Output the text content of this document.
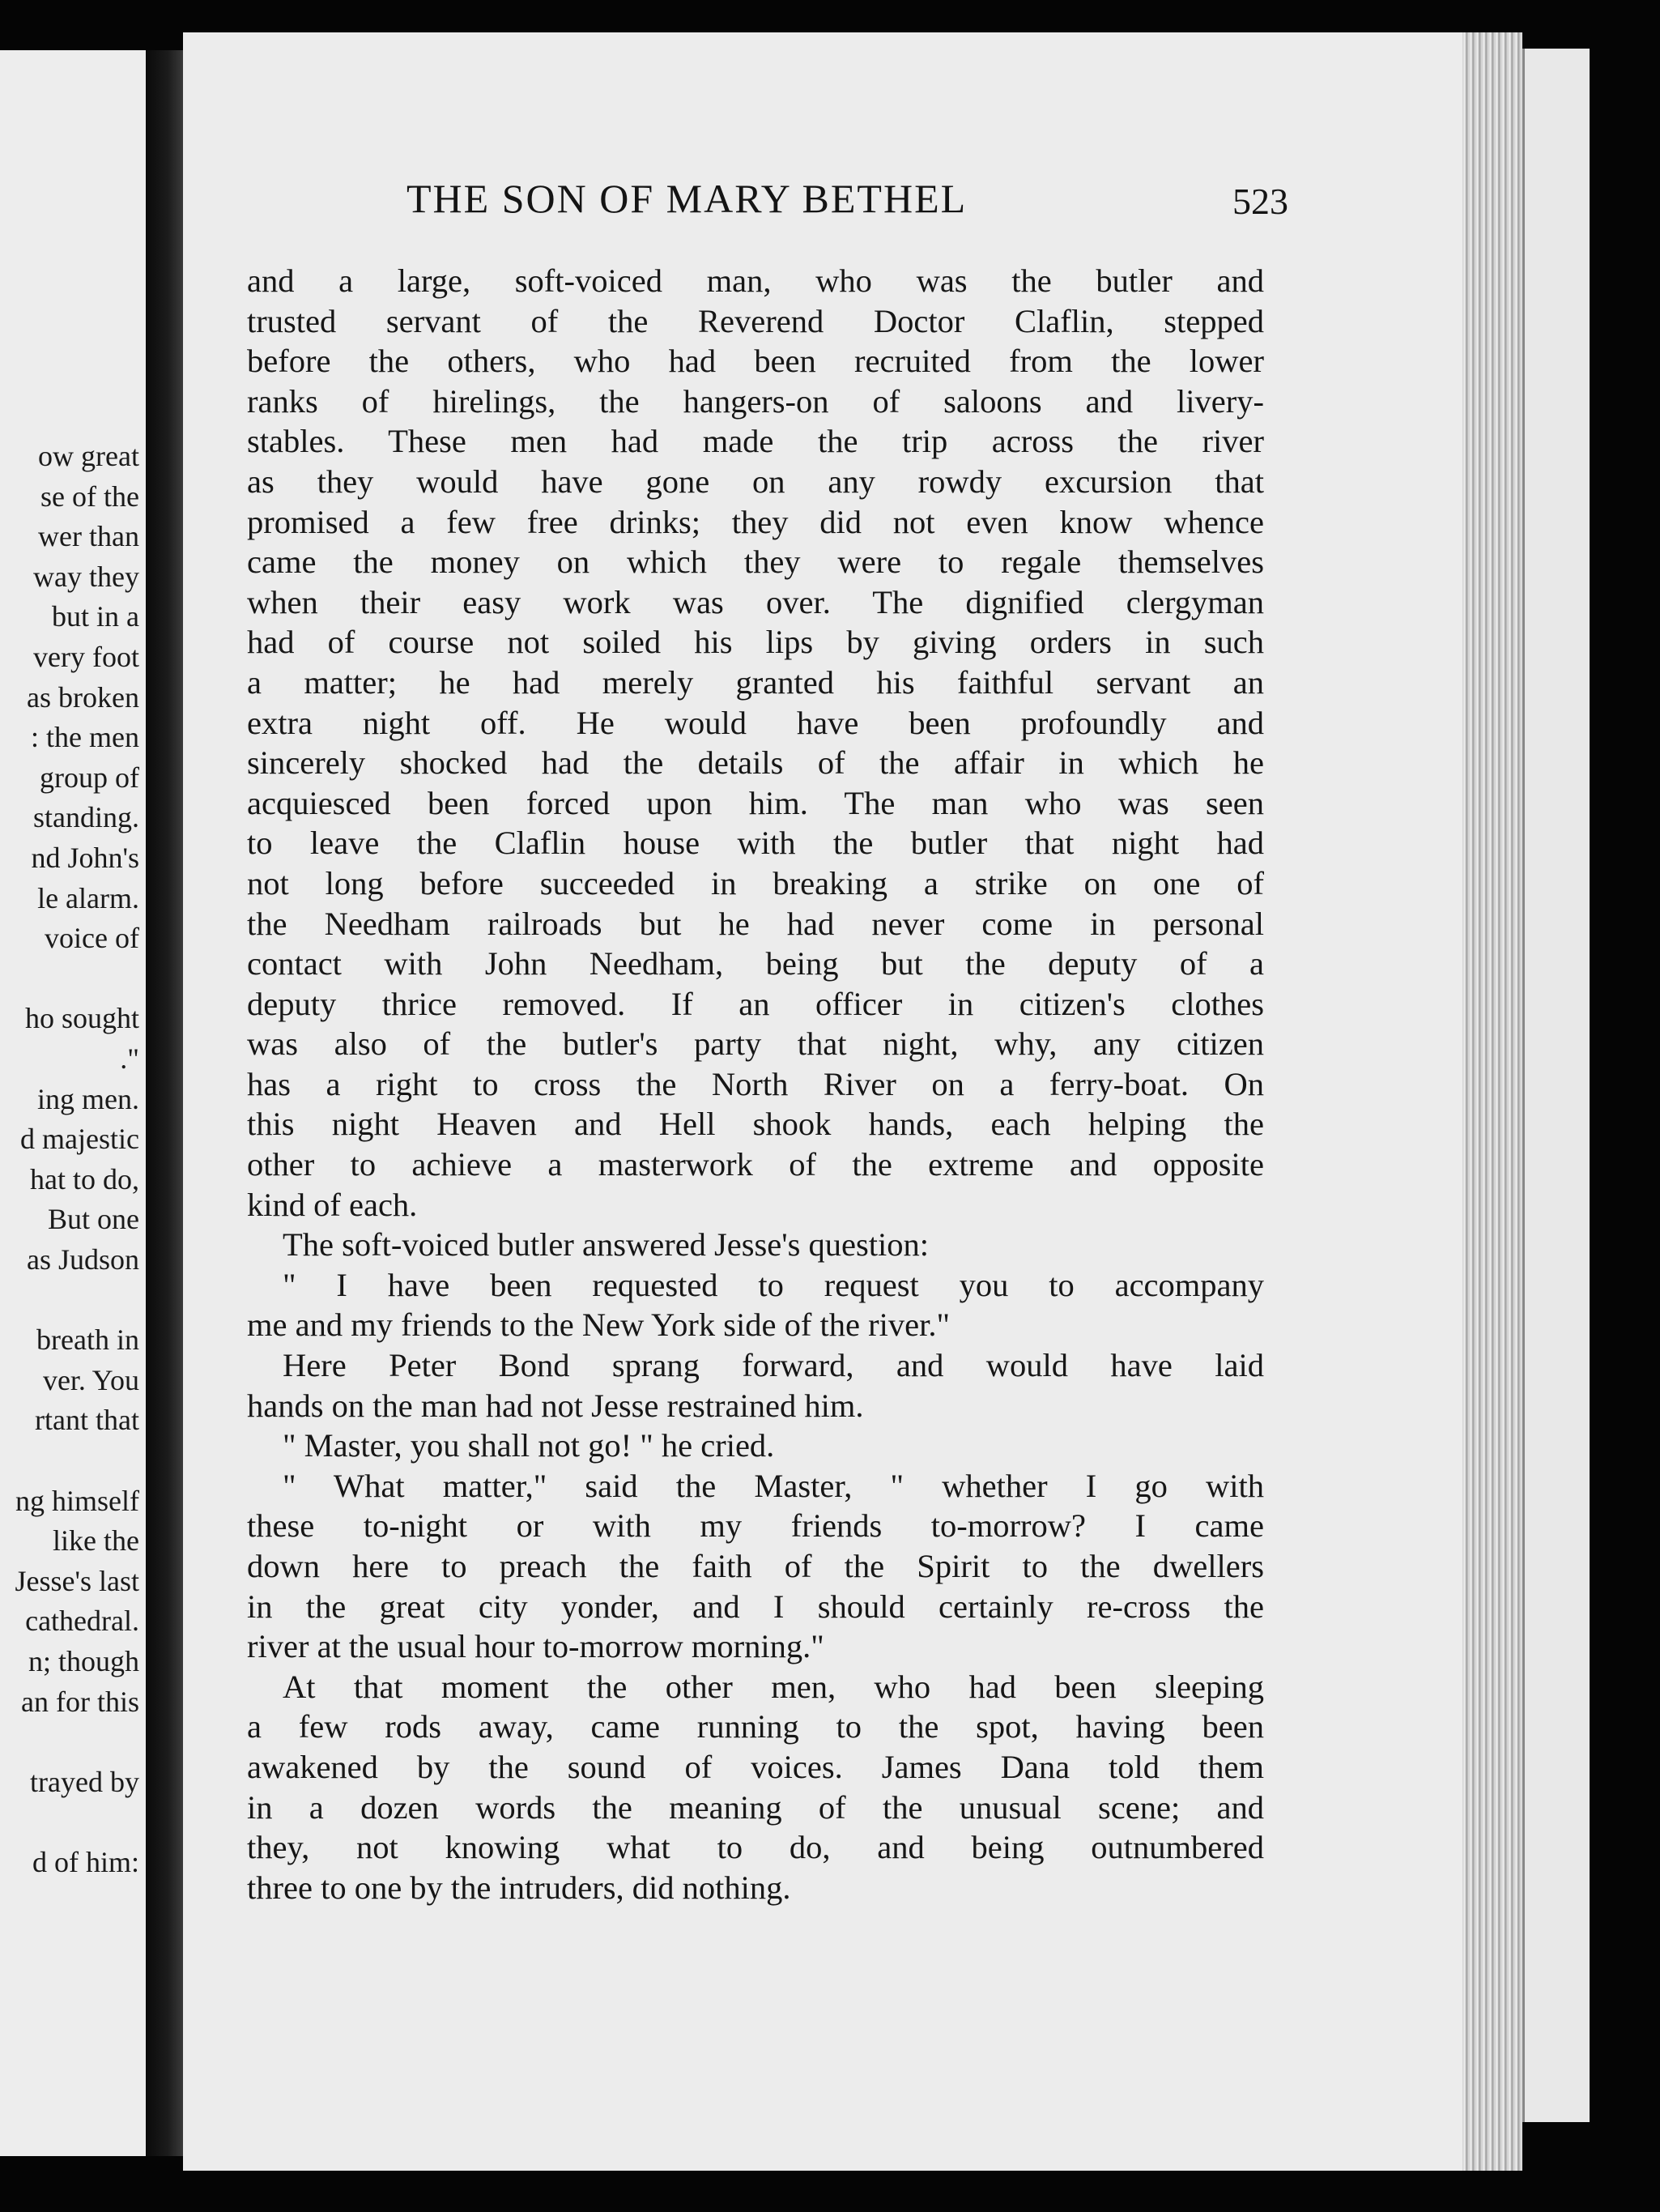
ow great
se of the
wer than
way they
but in a
very foot
as broken
: the men
group of
standing.
nd John's
le alarm.
voice of
ho sought
."
ing men.
d majestic
hat to do,
But one
as Judson
breath in
ver. You
rtant that
ng himself
like the
Jesse's last
cathedral.
n; though
an for this
trayed by
d of him:
THE SON OF MARY BETHEL	523
and a large, soft-voiced man, who was the butler and
trusted servant of the Reverend Doctor Claflin, stepped
before the others, who had been recruited from the lower
ranks of hirelings, the hangers-on of saloons and livery-
stables. These men had made the trip across the river
as they would have gone on any rowdy excursion that
promised a few free drinks; they did not even know whence
came the money on which they were to regale themselves
when their easy work was over. The dignified clergyman
had of course not soiled his lips by giving orders in such
a matter; he had merely granted his faithful servant an
extra night off. He would have been profoundly and
sincerely shocked had the details of the affair in which he
acquiesced been forced upon him. The man who was seen
to leave the Claflin house with the butler that night had
not long before succeeded in breaking a strike on one of
the Needham railroads but he had never come in personal
contact with John Needham, being but the deputy of a
deputy thrice removed. If an officer in citizen's clothes
was also of the butler's party that night, why, any citizen
has a right to cross the North River on a ferry-boat. On
this night Heaven and Hell shook hands, each helping the
other to achieve a masterwork of the extreme and opposite
kind of each.
The soft-voiced butler answered Jesse's question:
" I have been requested to request you to accompany
me and my friends to the New York side of the river."
Here Peter Bond sprang forward, and would have laid
hands on the man had not Jesse restrained him.
" Master, you shall not go! " he cried.
" What matter," said the Master, " whether I go with
these to-night or with my friends to-morrow? I came
down here to preach the faith of the Spirit to the dwellers
in the great city yonder, and I should certainly re-cross the
river at the usual hour to-morrow morning."
At that moment the other men, who had been sleeping
a few rods away, came running to the spot, having been
awakened by the sound of voices. James Dana told them
in a dozen words the meaning of the unusual scene; and
they, not knowing what to do, and being outnumbered
three to one by the intruders, did nothing.
